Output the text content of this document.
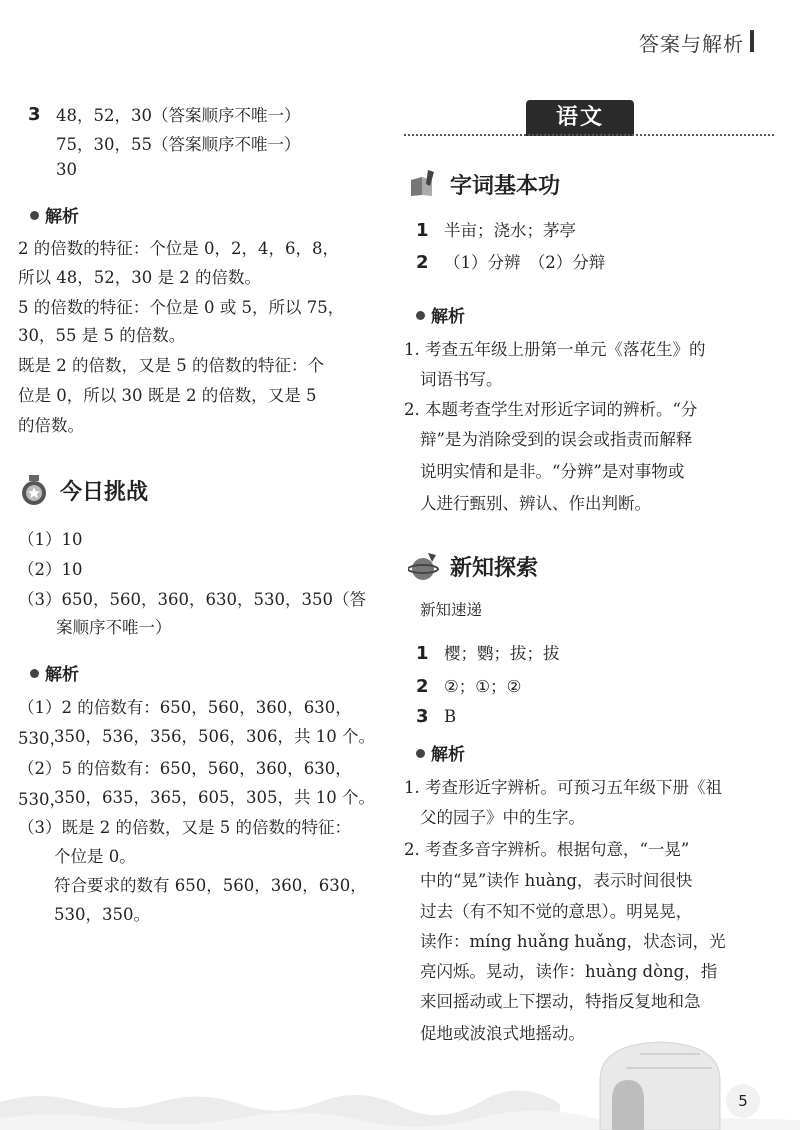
答案与解析
3 48，52，30（答案顺序不唯一）
75，30，55（答案顺序不唯一）
30
解析
2 的倍数的特征：个位是 0，2，4，6，8，
所以 48，52，30 是 2 的倍数。
5 的倍数的特征：个位是 0 或 5，所以 75，
30，55 是 5 的倍数。
既是 2 的倍数，又是 5 的倍数的特征：个
位是 0，所以 30 既是 2 的倍数，又是 5
的倍数。
今日挑战
（1）10
（2）10
（3）650，560，360，630，530，350（答
案顺序不唯一）
解析
（1）2 的倍数有：650，560，360，630，530，
350，536，356，506，306，共 10 个。
（2）5 的倍数有：650，560，360，630，530，
350，635，365，605，305，共 10 个。
（3）既是 2 的倍数，又是 5 的倍数的特征：
个位是 0。
符合要求的数有 650，560，360，630，
530，350。
语文
字词基本功
1 半亩；浇水；茅亭
2 （1）分辨　（2）分辩
解析
1. 考查五年级上册第一单元《落花生》的
词语书写。
2. 本题考查学生对形近字词的辨析。“分
辩”是为消除受到的误会或指责而解释
说明实情和是非。“分辨”是对事物或
人进行甄别、辨认、作出判断。
新知探索
新知速递
1 樱；鹦；拔；拔
2 ②；①；②
3 B
解析
1. 考查形近字辨析。可预习五年级下册《祖
父的园子》中的生字。
2. 考查多音字辨析。根据句意，“一晃”
中的“晃”读作 huàng，表示时间很快
过去（有不知不觉的意思）。明晃晃，
读作：míng huǎng huǎng，状态词，光
亮闪烁。晃动，读作：huàng dòng，指
来回摇动或上下摆动，特指反复地和急
促地或波浪式地摇动。
5
